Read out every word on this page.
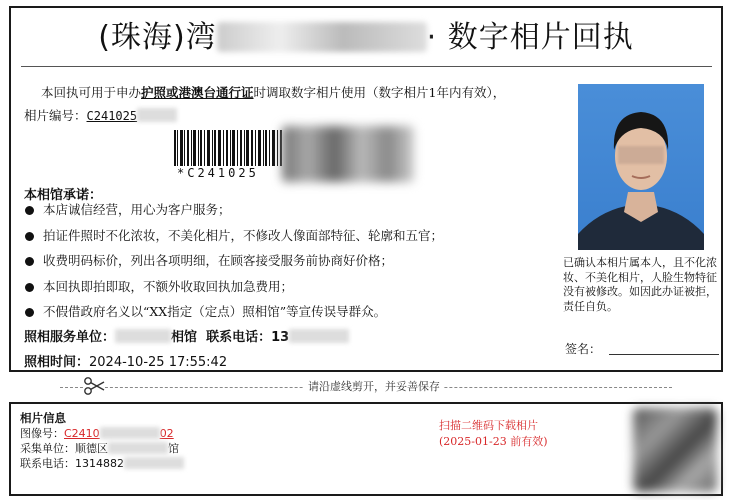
(珠海)湾	· 数字相片回执
本回执可用于申办护照或港澳台通行证时调取数字相片使用（数字相片1年内有效），
相片编号：C241025
*C241025
本相馆承诺：
本店诚信经营，用心为客户服务；
拍证件照时不化浓妆，不美化相片，不修改人像面部特征、轮廓和五官；
收费明码标价，列出各项明细，在顾客接受服务前协商好价格；
本回执即拍即取，不额外收取回执加急费用；
不假借政府名义以“XX指定（定点）照相馆”等宣传误导群众。
照相服务单位：	相馆 联系电话：13
照相时间：2024-10-25 17:55:42
已确认本相片属本人，且不化浓妆、不美化相片，人脸生物特征没有被修改。如因此办证被拒，责任自负。
签名：
请沿虚线剪开，并妥善保存
相片信息
图像号：C2410	02
采集单位：顺德区	馆
联系电话：1314882
扫描二维码下载相片
(2025-01-23 前有效)
